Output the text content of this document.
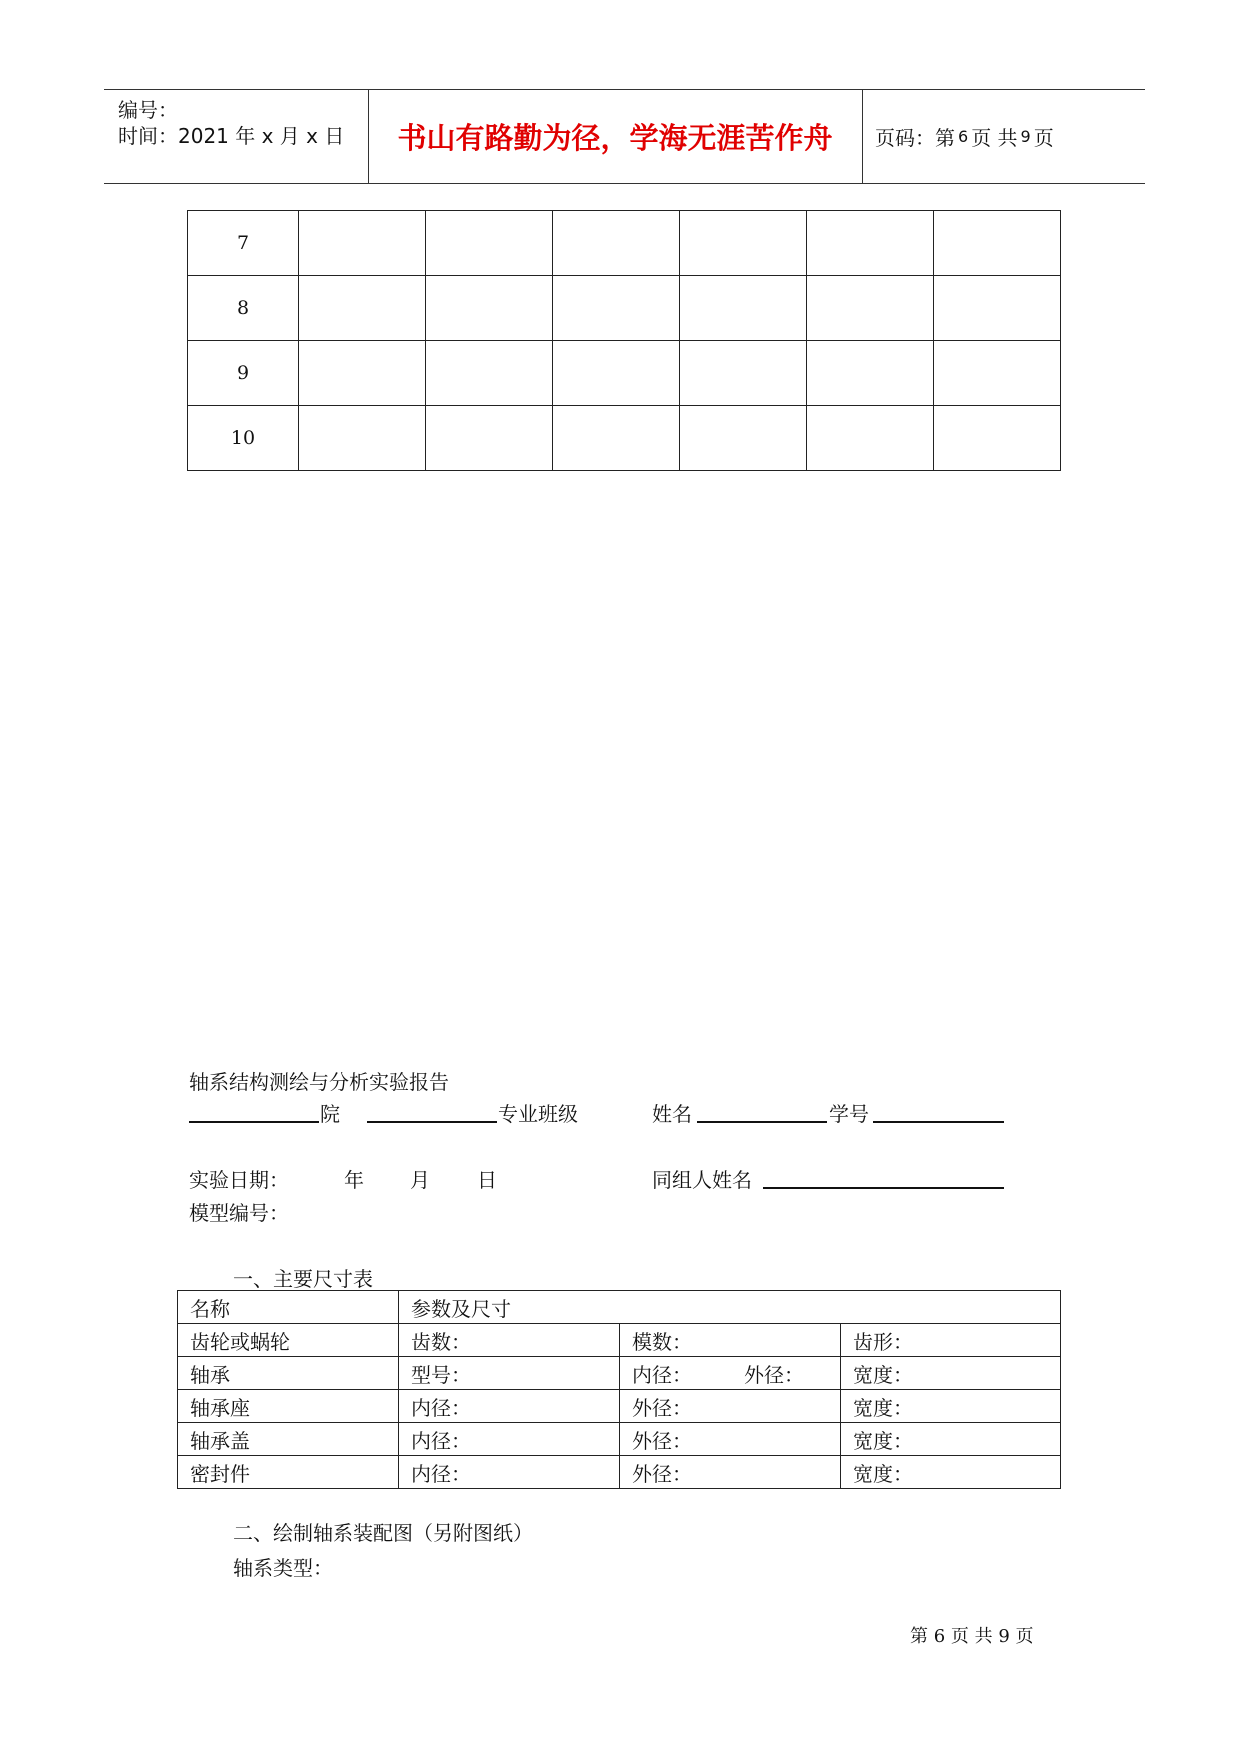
编号：
时间：2021 年 x 月 x 日	书山有路勤为径，学海无涯苦作舟	页码：第 6 页 共 9 页
7						
8						
9						
10						
轴系结构测绘与分析实验报告
院	专业班级	姓名	学号
实验日期：	年 月 日	同组人姓名
模型编号：
一、主要尺寸表
名称	参数及尺寸		
齿轮或蜗轮	齿数：	模数：	齿形：
轴承	型号：	内径： 外径：	宽度：
轴承座	内径：	外径：	宽度：
轴承盖	内径：	外径：	宽度：
密封件	内径：	外径：	宽度：
二、绘制轴系装配图（另附图纸）
轴系类型：
第 6 页 共 9 页
